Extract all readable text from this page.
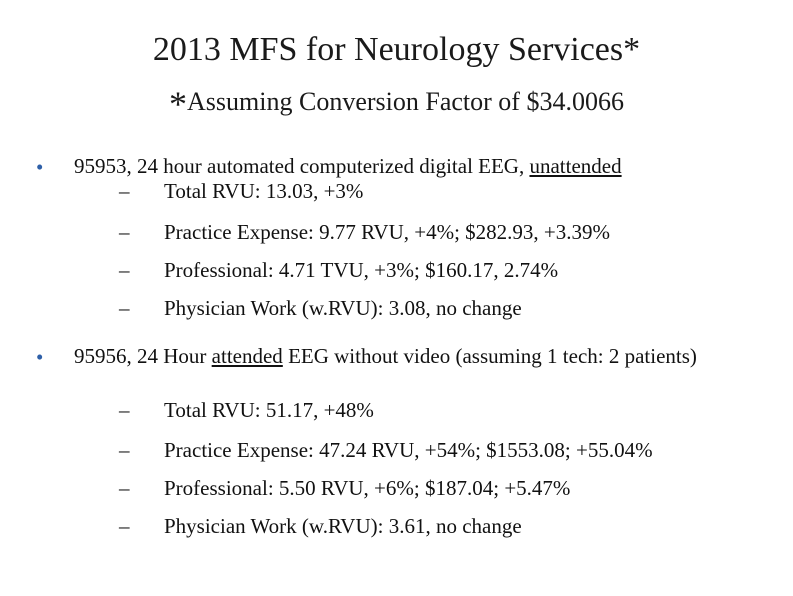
2013 MFS for Neurology Services*
*Assuming Conversion Factor of $34.0066
• 95953, 24 hour automated computerized digital EEG, unattended
– Total RVU: 13.03, +3%
– Practice Expense: 9.77 RVU, +4%; $282.93, +3.39%
– Professional: 4.71 TVU, +3%; $160.17, 2.74%
– Physician Work (w.RVU): 3.08, no change
• 95956, 24 Hour attended EEG without video (assuming 1 tech: 2 patients)
– Total RVU: 51.17, +48%
– Practice Expense: 47.24 RVU, +54%; $1553.08; +55.04%
– Professional: 5.50 RVU, +6%; $187.04; +5.47%
– Physician Work (w.RVU): 3.61, no change
